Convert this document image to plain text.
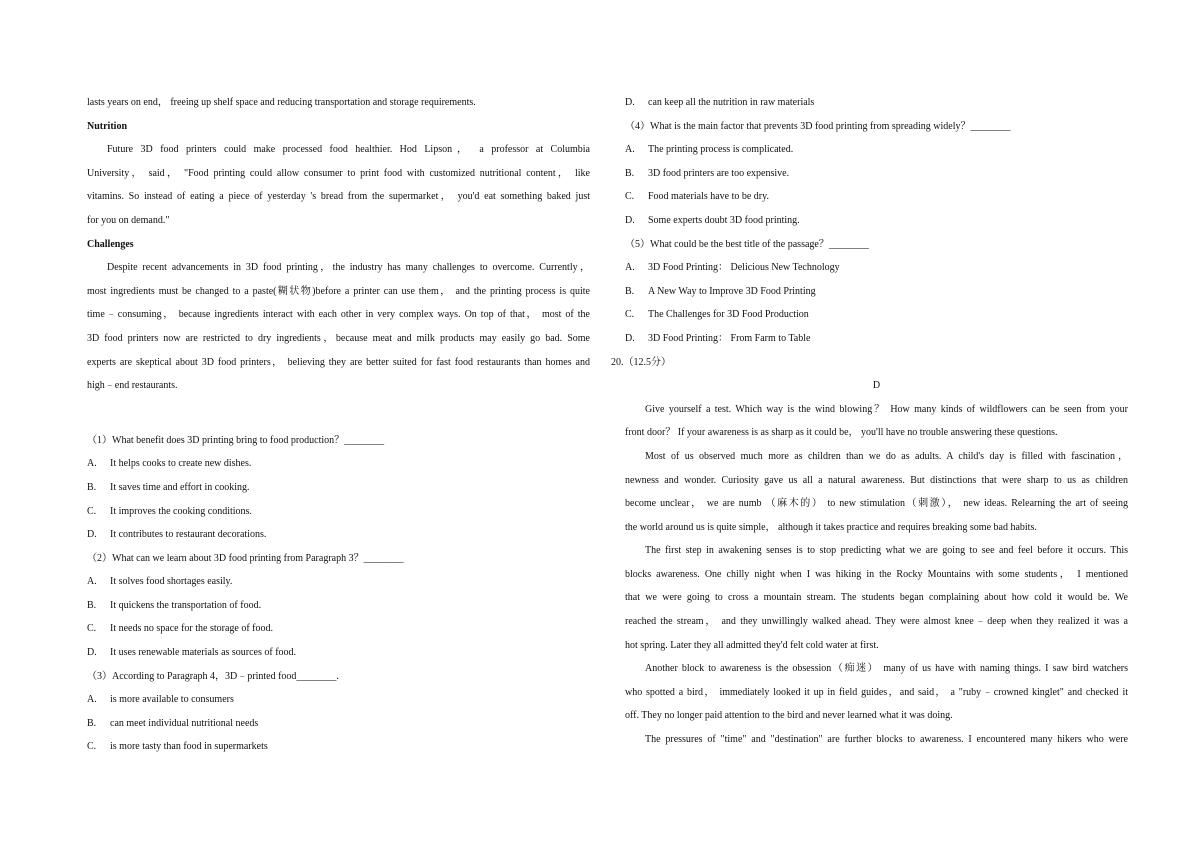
lasts years on end， freeing up shelf space and reducing transportation and storage requirements.
Nutrition
Future 3D food printers could make processed food healthier. Hod Lipson， a professor at Columbia
University， said， "Food printing could allow consumer to print food with customized nutritional content， like
vitamins. So instead of eating a piece of yesterday 's bread from the supermarket， you'd eat something baked just
for you on demand."
Challenges
Despite recent advancements in 3D food printing，the industry has many challenges to overcome. Currently，
most ingredients must be changed to a paste(糊状物)before a printer can use them， and the printing process is quite
time﹣consuming， because ingredients interact with each other in very complex ways. On top of that， most of the
3D food printers now are restricted to dry ingredients，because meat and milk products may easily go bad. Some
experts are skeptical about 3D food printers， believing they are better suited for fast food restaurants than homes and
high﹣end restaurants.
（1）What benefit does 3D printing bring to food production？________
A.	It helps cooks to create new dishes.
B.	It saves time and effort in cooking.
C.	It improves the cooking conditions.
D.	It contributes to restaurant decorations.
（2）What can we learn about 3D food printing from Paragraph 3？________
A.	It solves food shortages easily.
B.	It quickens the transportation of food.
C.	It needs no space for the storage of food.
D.	It uses renewable materials as sources of food.
（3）According to Paragraph 4，3D﹣printed food________.
A.	is more available to consumers
B.	can meet individual nutritional needs
C.	is more tasty than food in supermarkets
D.	can keep all the nutrition in raw materials
（4）What is the main factor that prevents 3D food printing from spreading widely？________
A.	The printing process is complicated.
B.	3D food printers are too expensive.
C.	Food materials have to be dry.
D.	Some experts doubt 3D food printing.
（5）What could be the best title of the passage？________
A.	3D Food Printing： Delicious New Technology
B.	A New Way to Improve 3D Food Printing
C.	The Challenges for 3D Food Production
D.	3D Food Printing： From Farm to Table
20.（12.5分）
D
Give yourself a test. Which way is the wind blowing？ How many kinds of wildflowers can be seen from your
front door？ If your awareness is as sharp as it could be， you'll have no trouble answering these questions.
Most of us observed much more as children than we do as adults. A child's day is filled with fascination，
newness and wonder. Curiosity gave us all a natural awareness. But distinctions that were sharp to us as children
become unclear， we are numb （麻木的） to new stimulation（刺激）， new ideas. Relearning the art of seeing
the world around us is quite simple， although it takes practice and requires breaking some bad habits.
The first step in awakening senses is to stop predicting what we are going to see and feel before it occurs. This
blocks awareness. One chilly night when I was hiking in the Rocky Mountains with some students， I mentioned
that we were going to cross a mountain stream. The students began complaining about how cold it would be. We
reached the stream， and they unwillingly walked ahead. They were almost knee﹣deep when they realized it was a
hot spring. Later they all admitted they'd felt cold water at first.
Another block to awareness is the obsession（痴迷） many of us have with naming things. I saw bird watchers
who spotted a bird， immediately looked it up in field guides，and said， a "ruby﹣crowned kinglet" and checked it
off. They no longer paid attention to the bird and never learned what it was doing.
The pressures of "time" and "destination" are further blocks to awareness. I encountered many hikers who were
